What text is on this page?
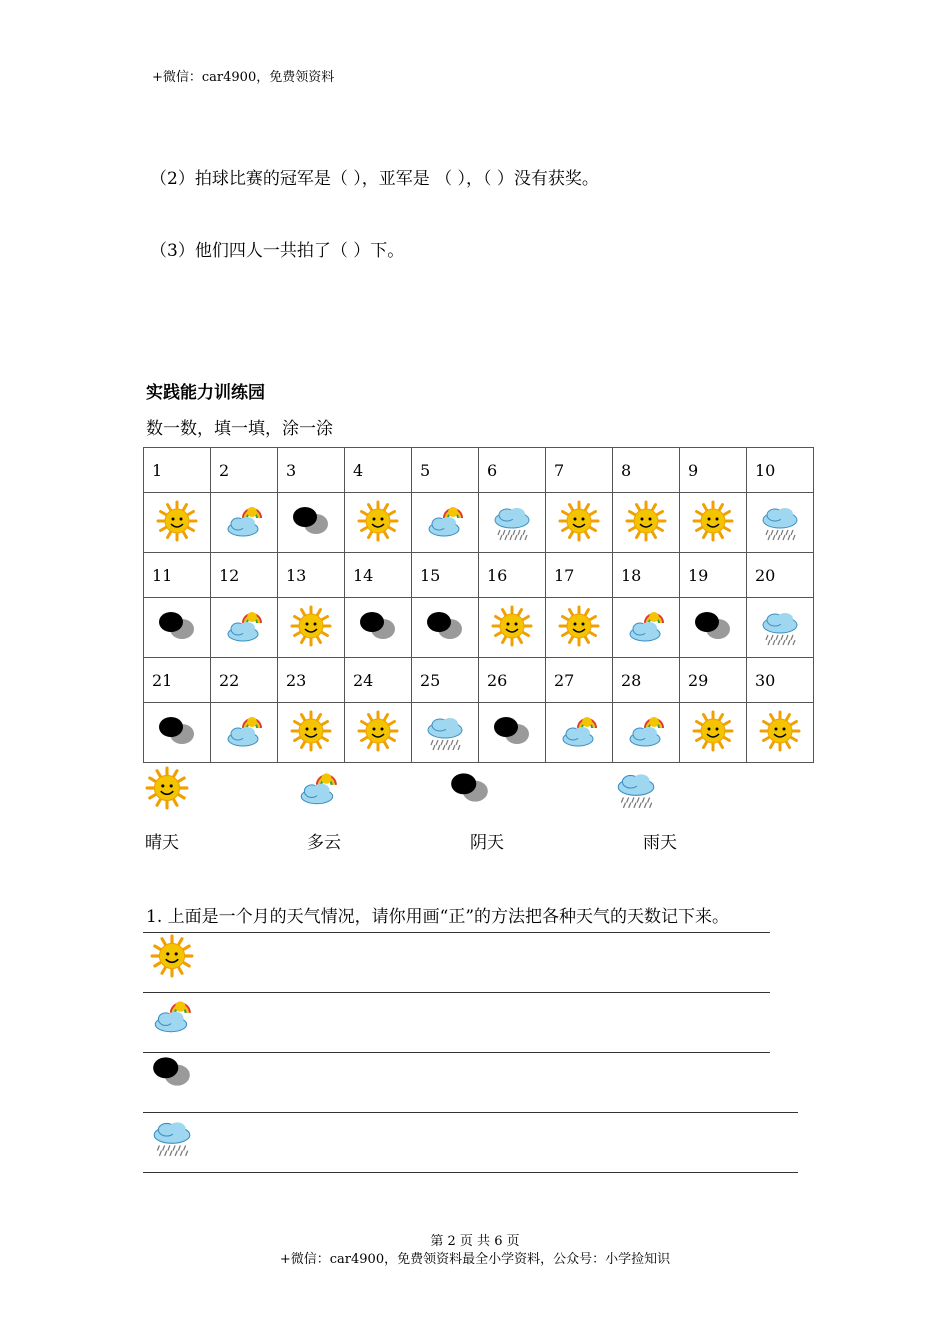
+微信：car4900，免费领资料
（2）拍球比赛的冠军是（ ），亚军是 （ ），（ ）没有获奖。
（3）他们四人一共拍了（ ）下。
实践能力训练园
数一数，填一填，涂一涂
1	2	3	4	5	6	7	8	9	10

11	12	13	14	15	16	17	18	19	20

21	22	23	24	25	26	27	28	29	30

晴天	多云	阴天	雨天
1. 上面是一个月的天气情况，请你用画“正”的方法把各种天气的天数记下来。
第 2 页 共 6 页
+微信：car4900，免费领资料最全小学资料，公众号：小学捡知识
